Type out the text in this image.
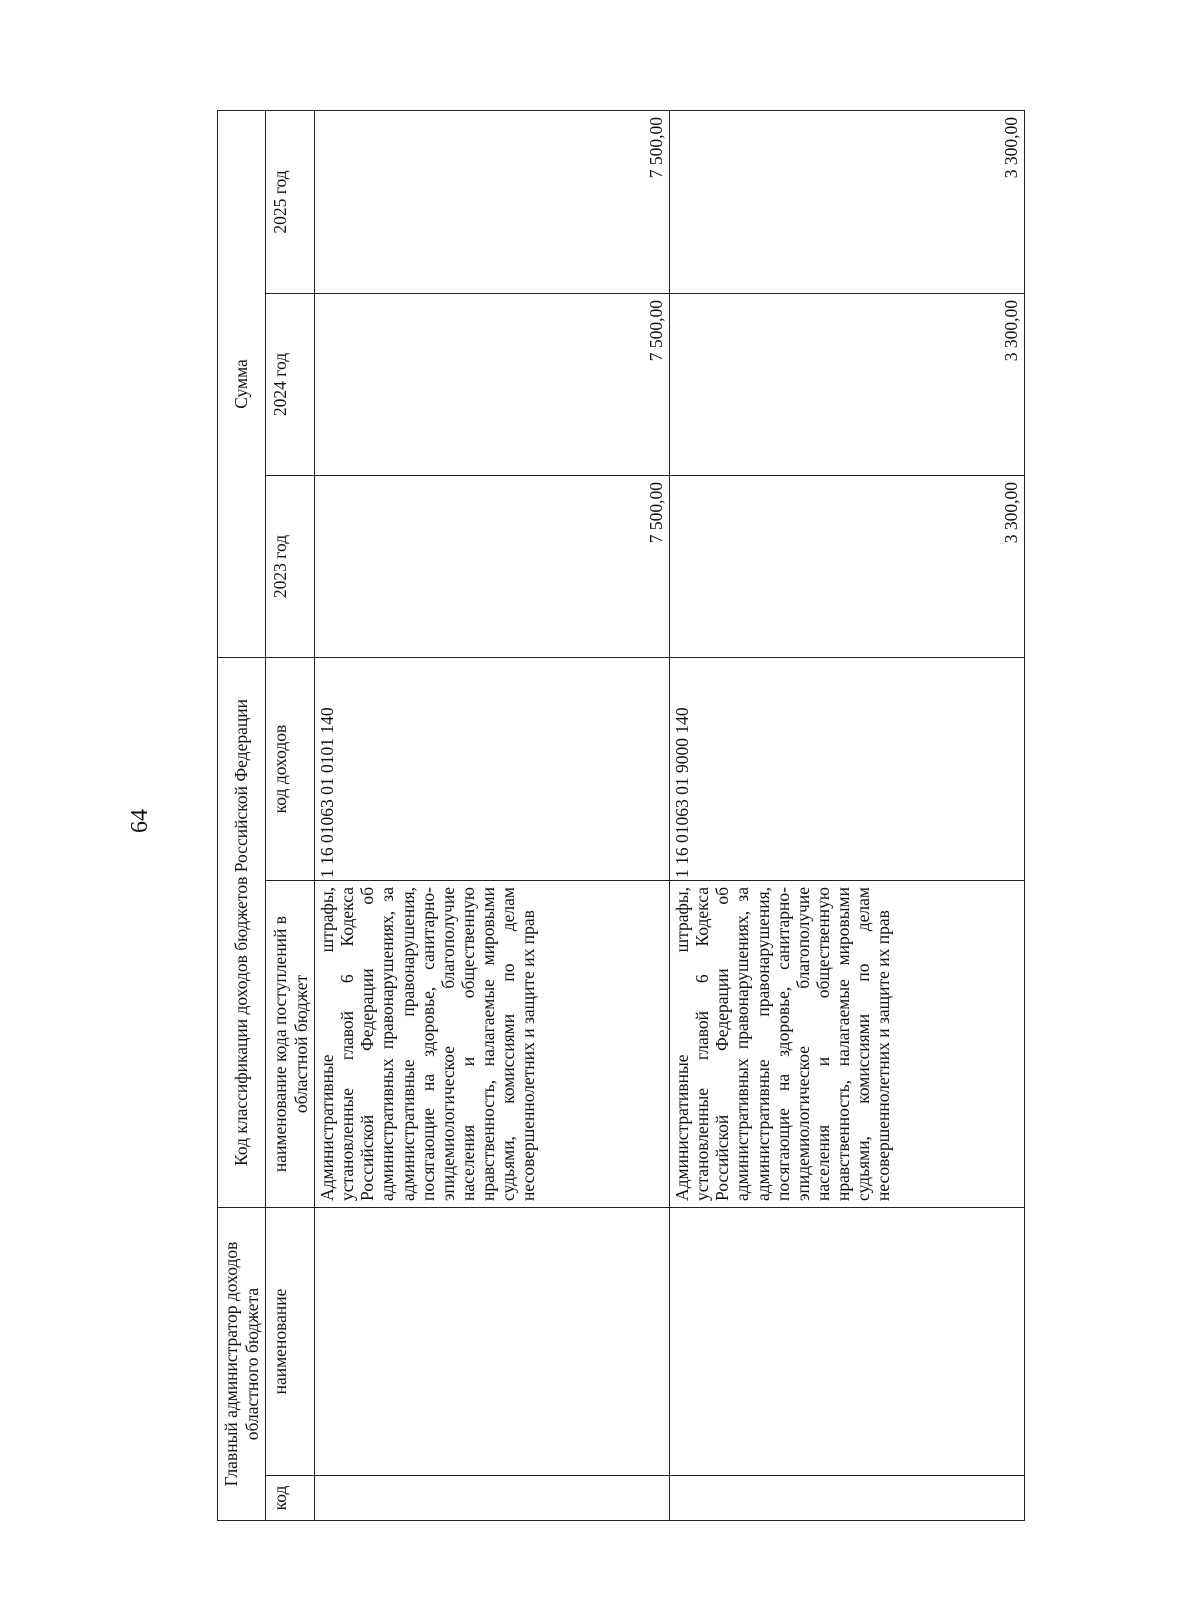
64
Главный администратор доходов областного бюджета		Код классификации доходов бюджетов Российской Федерации		Сумма		
код	наименование	наименование кода поступлений в областной бюджет	код доходов	2023 год	2024 год	2025 год
		Административные штрафы, установленные главой 6 Кодекса Российской Федерации об административных правонарушениях, за административные правонарушения, посягающие на здоровье, санитарно-эпидемиологическое благополучие населения и общественную нравственность, налагаемые мировыми судьями, комиссиями по делам несовершеннолетних и защите их прав	1 16 01063 01 0101 140	7 500,00	7 500,00	7 500,00
		Административные штрафы, установленные главой 6 Кодекса Российской Федерации об административных правонарушениях, за административные правонарушения, посягающие на здоровье, санитарно-эпидемиологическое благополучие населения и общественную нравственность, налагаемые мировыми судьями, комиссиями по делам несовершеннолетних и защите их прав	1 16 01063 01 9000 140	3 300,00	3 300,00	3 300,00
